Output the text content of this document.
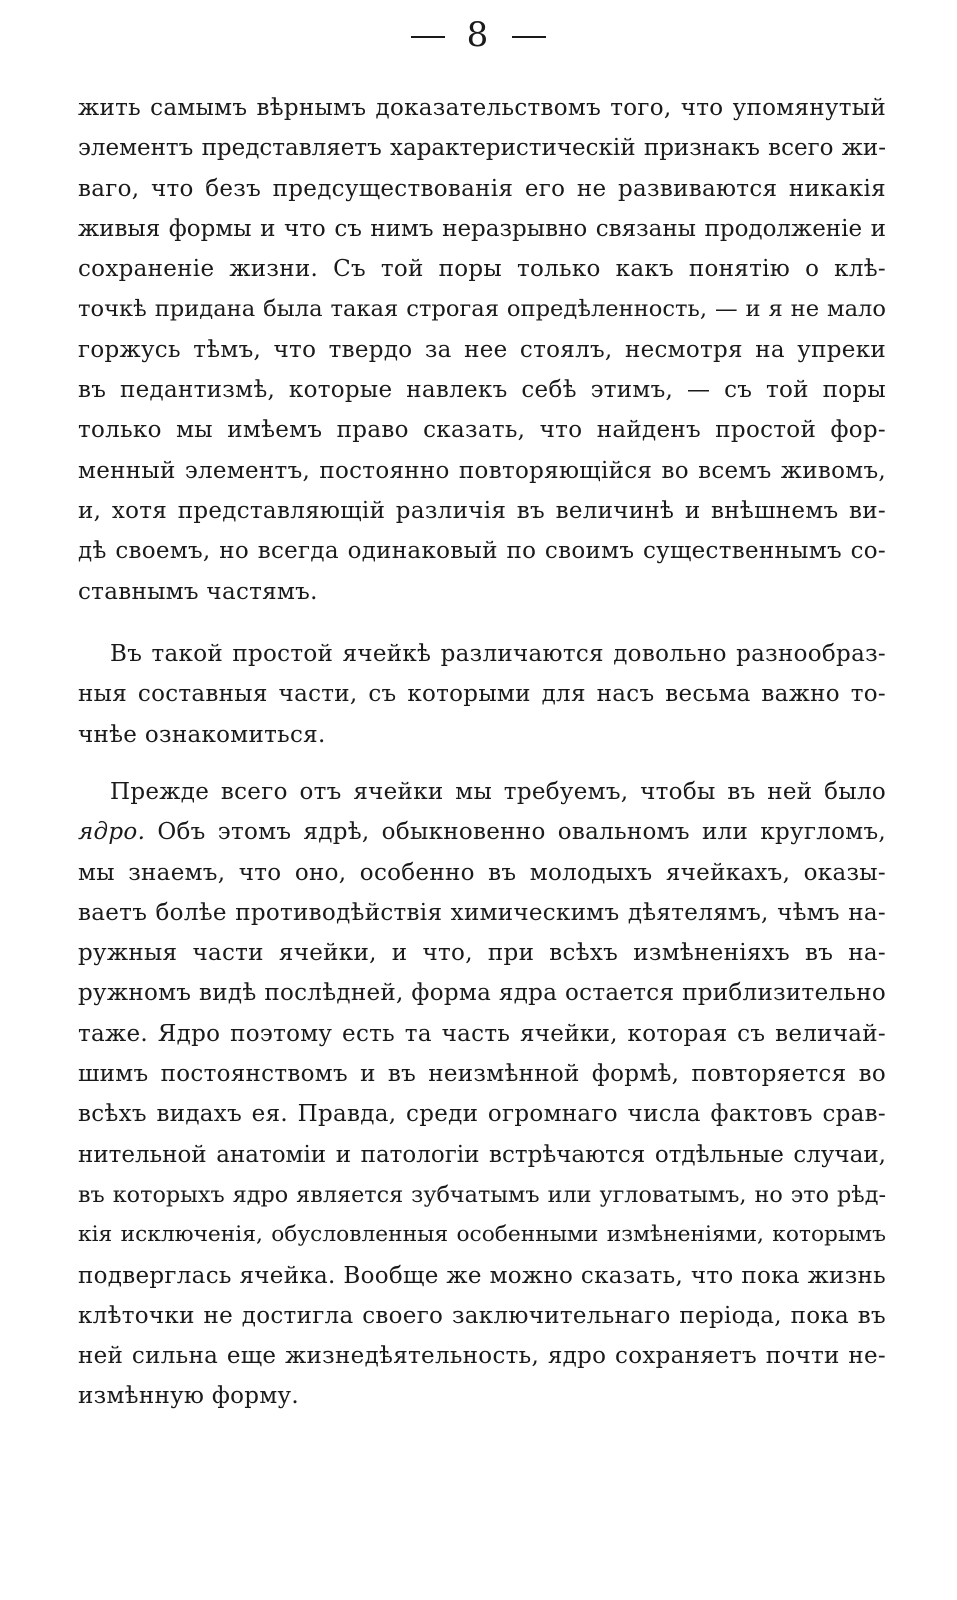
8
жить самымъ вѣрнымъ доказательствомъ того, что упомянутый
элементъ представляетъ характеристическій признакъ всего жи-
ваго, что безъ предсуществованія его не развиваются никакія
живыя формы и что съ нимъ неразрывно связаны продолженіе и
сохраненіе жизни. Съ той поры только какъ понятію о клѣ-
точкѣ придана была такая строгая опредѣленность, — и я не мало
горжусь тѣмъ, что твердо за нее стоялъ, несмотря на упреки
въ педантизмѣ, которые навлекъ себѣ этимъ, — съ той поры
только мы имѣемъ право сказать, что найденъ простой фор-
менный элементъ, постоянно повторяющійся во всемъ живомъ,
и, хотя представляющій различія въ величинѣ и внѣшнемъ ви-
дѣ своемъ, но всегда одинаковый по своимъ существеннымъ со-
ставнымъ частямъ.
Въ такой простой ячейкѣ различаются довольно разнообраз-
ныя составныя части, съ которыми для насъ весьма важно то-
чнѣе ознакомиться.
Прежде всего отъ ячейки мы требуемъ, чтобы въ ней было
ядро. Объ этомъ ядрѣ, обыкновенно овальномъ или кругломъ,
мы знаемъ, что оно, особенно въ молодыхъ ячейкахъ, оказы-
ваетъ болѣе противодѣйствія химическимъ дѣятелямъ, чѣмъ на-
ружныя части ячейки, и что, при всѣхъ измѣненіяхъ въ на-
ружномъ видѣ послѣдней, форма ядра остается приблизительно
таже. Ядро поэтому есть та часть ячейки, которая съ величай-
шимъ постоянствомъ и въ неизмѣнной формѣ, повторяется во
всѣхъ видахъ ея. Правда, среди огромнаго числа фактовъ срав-
нительной анатоміи и патологіи встрѣчаются отдѣльные случаи,
въ которыхъ ядро является зубчатымъ или угловатымъ, но это рѣд-
кія исключенія, обусловленныя особенными измѣненіями, которымъ
подверглась ячейка. Вообще же можно сказать, что пока жизнь
клѣточки не достигла своего заключительнаго періода, пока въ
ней сильна еще жизнедѣятельность, ядро сохраняетъ почти не-
измѣнную форму.
